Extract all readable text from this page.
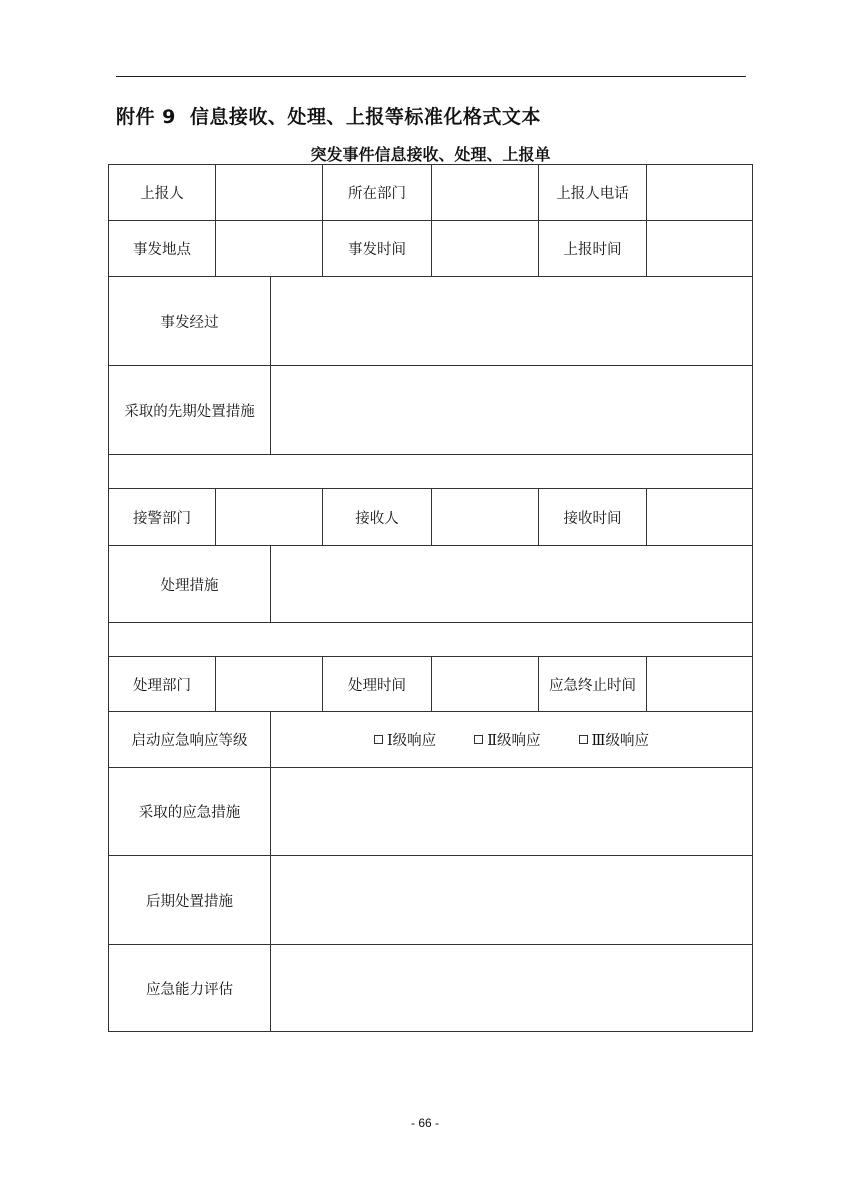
附件 9 信息接收、处理、上报等标准化格式文本
突发事件信息接收、处理、上报单
上报人	所在部门	上报人电话
事发地点	事发时间	上报时间
事发经过
采取的先期处置措施
接警部门	接收人	接收时间
处理措施
处理部门	处理时间	应急终止时间
启动应急响应等级	Ⅰ级响应	Ⅱ级响应	Ⅲ级响应
采取的应急措施
后期处置措施
应急能力评估
- 66 -
